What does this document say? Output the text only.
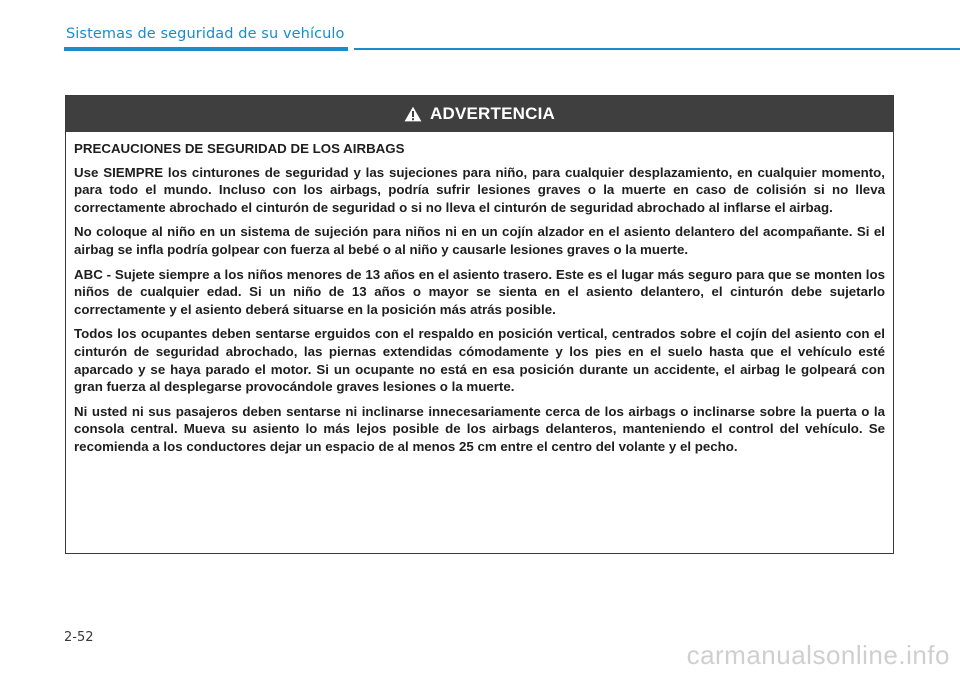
Sistemas de seguridad de su vehículo
ADVERTENCIA

PRECAUCIONES DE SEGURIDAD DE LOS AIRBAGS

Use SIEMPRE los cinturones de seguridad y las sujeciones para niño, para cualquier desplazamiento, en cualquier momento, para todo el mundo. Incluso con los airbags, podría sufrir lesiones graves o la muerte en caso de colisión si no lleva correctamente abrochado el cinturón de seguridad o si no lleva el cinturón de seguridad abrochado al inflarse el airbag.

No coloque al niño en un sistema de sujeción para niños ni en un cojín alzador en el asiento delantero del acompañante. Si el airbag se infla podría golpear con fuerza al bebé o al niño y causarle lesiones graves o la muerte.

ABC - Sujete siempre a los niños menores de 13 años en el asiento trasero. Este es el lugar más seguro para que se monten los niños de cualquier edad. Si un niño de 13 años o mayor se sienta en el asiento delantero, el cinturón debe sujetarlo correctamente y el asiento deberá situarse en la posición más atrás posible.

Todos los ocupantes deben sentarse erguidos con el respaldo en posición vertical, centrados sobre el cojín del asiento con el cinturón de seguridad abrochado, las piernas extendidas cómodamente y los pies en el suelo hasta que el vehículo esté aparcado y se haya parado el motor. Si un ocupante no está en esa posición durante un accidente, el airbag le golpeará con gran fuerza al desplegarse provocándole graves lesiones o la muerte.

Ni usted ni sus pasajeros deben sentarse ni inclinarse innecesariamente cerca de los airbags o inclinarse sobre la puerta o la consola central. Mueva su asiento lo más lejos posible de los airbags delanteros, manteniendo el control del vehículo. Se recomienda a los conductores dejar un espacio de al menos 25 cm entre el centro del volante y el pecho.

2-52
carmanualsonline.info
